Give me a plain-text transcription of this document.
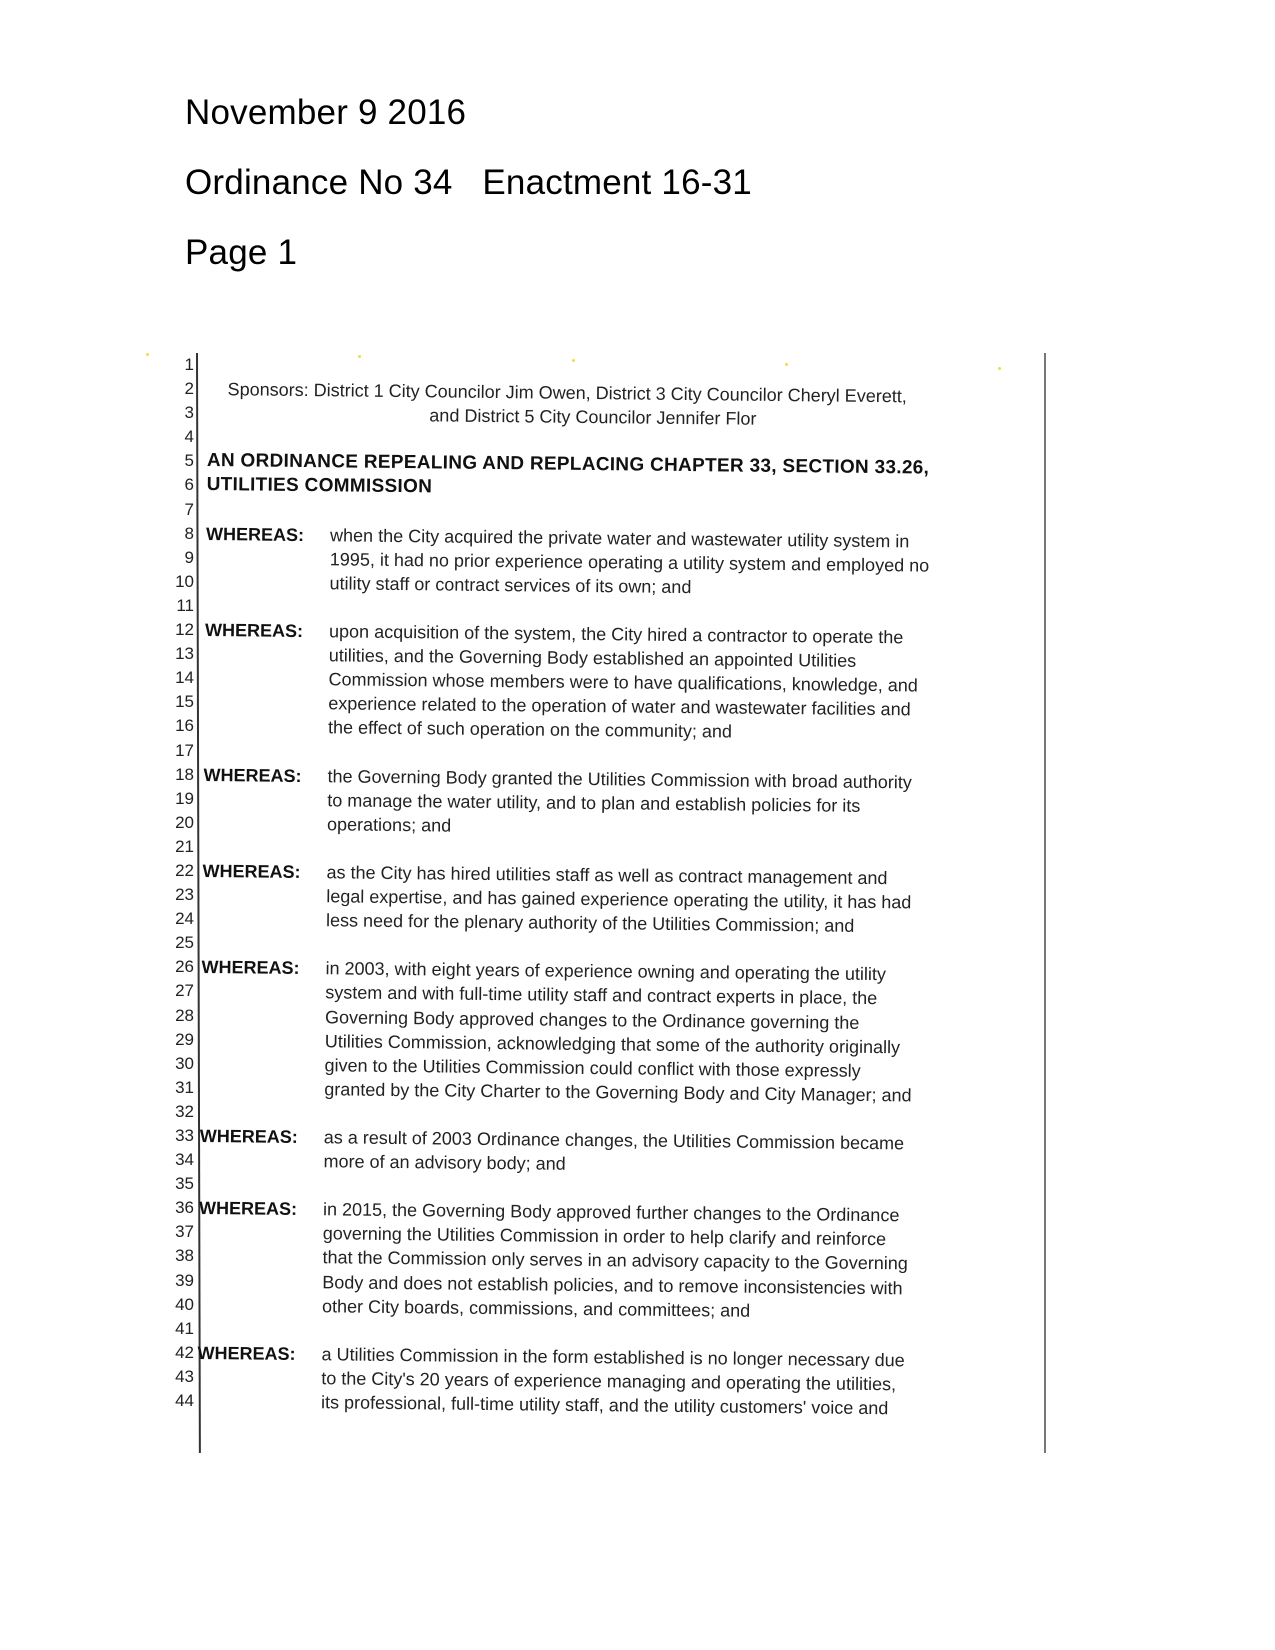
November 9 2016
Ordinance No 34   Enactment 16-31
Page 1
1
2
3
4
5
6
7
8
9
10
11
12
13
14
15
16
17
18
19
20
21
22
23
24
25
26
27
28
29
30
31
32
33
34
35
36
37
38
39
40
41
42
43
44
Sponsors: District 1 City Councilor Jim Owen, District 3 City Councilor Cheryl Everett,
and District 5 City Councilor Jennifer Flor
AN ORDINANCE REPEALING AND REPLACING CHAPTER 33, SECTION 33.26,
UTILITIES COMMISSION
WHEREAS: when the City acquired the private water and wastewater utility system in
1995, it had no prior experience operating a utility system and employed no
utility staff or contract services of its own; and
WHEREAS: upon acquisition of the system, the City hired a contractor to operate the
utilities, and the Governing Body established an appointed Utilities
Commission whose members were to have qualifications, knowledge, and
experience related to the operation of water and wastewater facilities and
the effect of such operation on the community; and
WHEREAS: the Governing Body granted the Utilities Commission with broad authority
to manage the water utility, and to plan and establish policies for its
operations; and
WHEREAS: as the City has hired utilities staff as well as contract management and
legal expertise, and has gained experience operating the utility, it has had
less need for the plenary authority of the Utilities Commission; and
WHEREAS: in 2003, with eight years of experience owning and operating the utility
system and with full-time utility staff and contract experts in place, the
Governing Body approved changes to the Ordinance governing the
Utilities Commission, acknowledging that some of the authority originally
given to the Utilities Commission could conflict with those expressly
granted by the City Charter to the Governing Body and City Manager; and
WHEREAS: as a result of 2003 Ordinance changes, the Utilities Commission became
more of an advisory body; and
WHEREAS: in 2015, the Governing Body approved further changes to the Ordinance
governing the Utilities Commission in order to help clarify and reinforce
that the Commission only serves in an advisory capacity to the Governing
Body and does not establish policies, and to remove inconsistencies with
other City boards, commissions, and committees; and
WHEREAS: a Utilities Commission in the form established is no longer necessary due
to the City's 20 years of experience managing and operating the utilities,
its professional, full-time utility staff, and the utility customers' voice and
